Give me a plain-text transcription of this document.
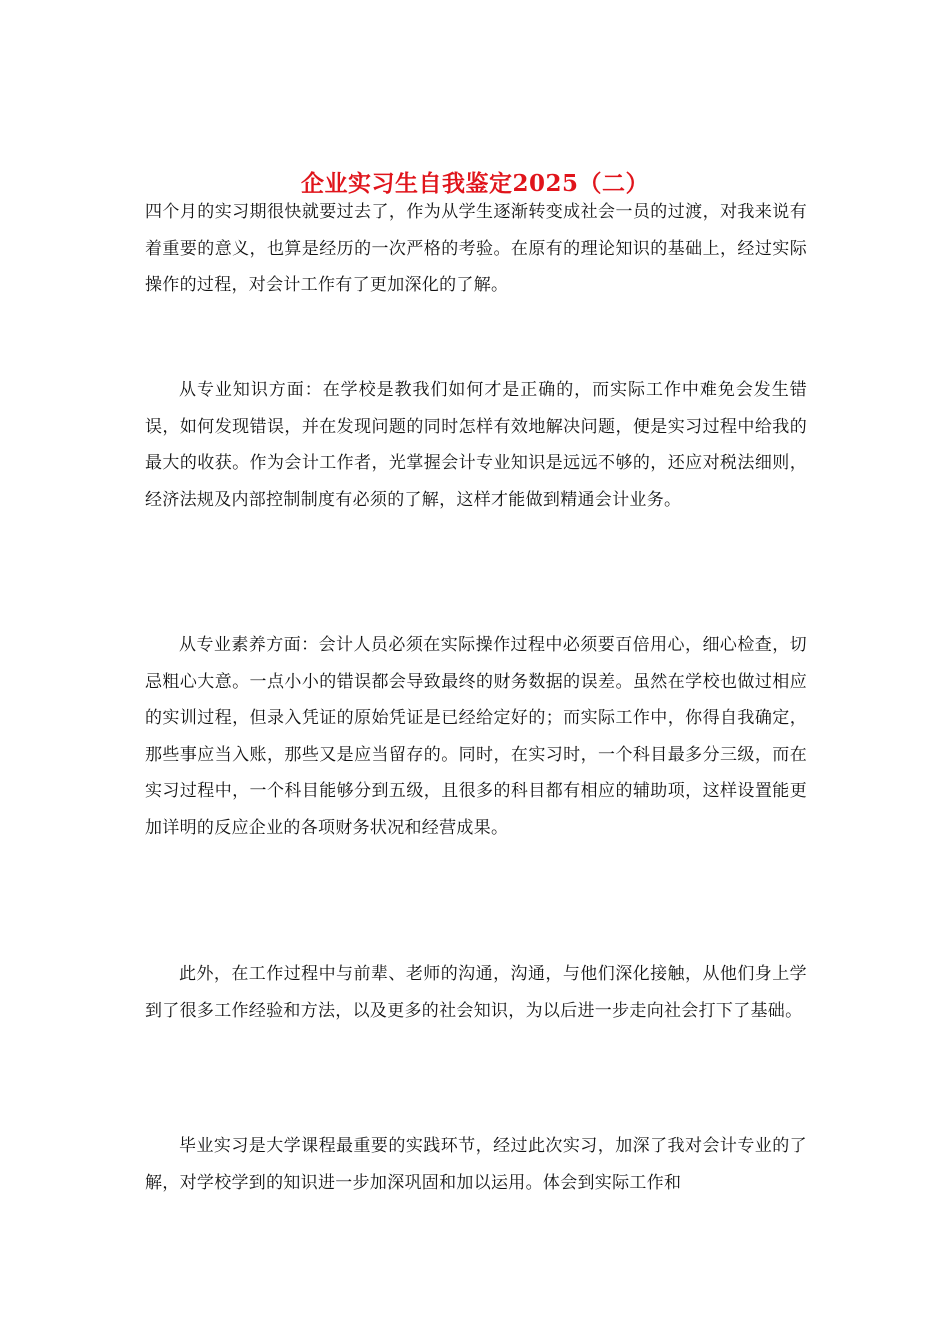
企业实习生自我鉴定2025（二）

四个月的实习期很快就要过去了，作为从学生逐渐转变成社会一员的过渡，对我来说有着重要的意义，也算是经历的一次严格的考验。在原有的理论知识的基础上，经过实际操作的过程，对会计工作有了更加深化的了解。

从专业知识方面：在学校是教我们如何才是正确的，而实际工作中难免会发生错误，如何发现错误，并在发现问题的同时怎样有效地解决问题，便是实习过程中给我的最大的收获。作为会计工作者，光掌握会计专业知识是远远不够的，还应对税法细则，经济法规及内部控制制度有必须的了解，这样才能做到精通会计业务。

从专业素养方面：会计人员必须在实际操作过程中必须要百倍用心，细心检查，切忌粗心大意。一点小小的错误都会导致最终的财务数据的误差。虽然在学校也做过相应的实训过程，但录入凭证的原始凭证是已经给定好的；而实际工作中，你得自我确定，那些事应当入账，那些又是应当留存的。同时，在实习时，一个科目最多分三级，而在实习过程中，一个科目能够分到五级，且很多的科目都有相应的辅助项，这样设置能更加详明的反应企业的各项财务状况和经营成果。

此外，在工作过程中与前辈、老师的沟通，沟通，与他们深化接触，从他们身上学到了很多工作经验和方法，以及更多的社会知识，为以后进一步走向社会打下了基础。

毕业实习是大学课程最重要的实践环节，经过此次实习，加深了我对会计专业的了解，对学校学到的知识进一步加深巩固和加以运用。体会到实际工作和
